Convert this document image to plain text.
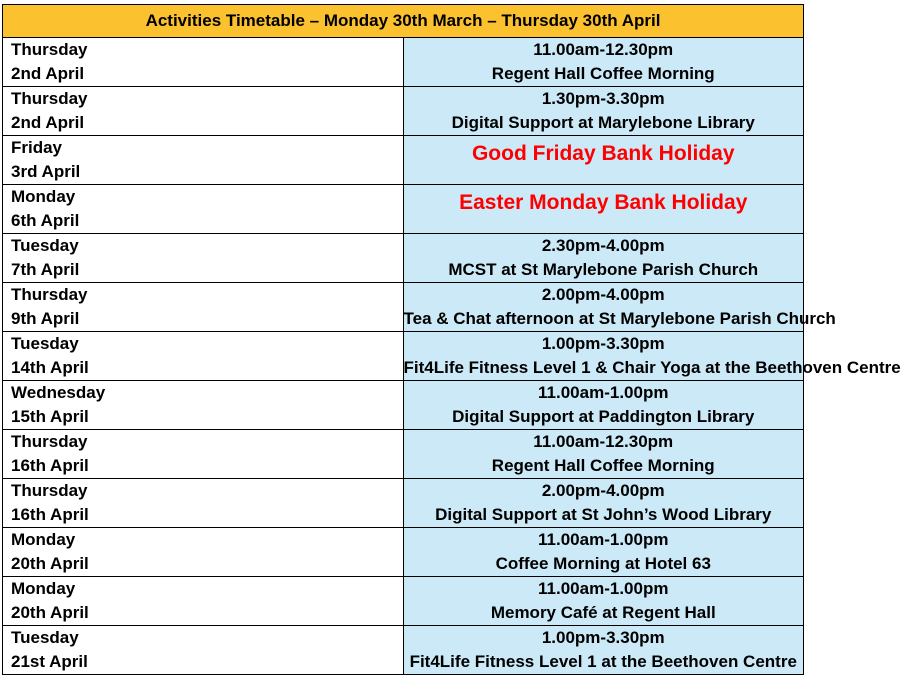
Activities Timetable – Monday 30th March – Thursday 30th April	

Thursday
2nd April	11.00am-12.30pm
Regent Hall Coffee Morning

Thursday
2nd April	1.30pm-3.30pm
Digital Support at Marylebone Library

Friday
3rd April	Good Friday Bank Holiday

Monday
6th April	Easter Monday Bank Holiday

Tuesday
7th April	2.30pm-4.00pm
MCST at St Marylebone Parish Church

Thursday
9th April	2.00pm-4.00pm
Tea & Chat afternoon at St Marylebone Parish Church

Tuesday
14th April	1.00pm-3.30pm
Fit4Life Fitness Level 1 & Chair Yoga at the Beethoven Centre

Wednesday
15th April	11.00am-1.00pm
Digital Support at Paddington Library

Thursday
16th April	11.00am-12.30pm
Regent Hall Coffee Morning

Thursday
16th April	2.00pm-4.00pm
Digital Support at St John’s Wood Library

Monday
20th April	11.00am-1.00pm
Coffee Morning at Hotel 63

Monday
20th April	11.00am-1.00pm
Memory Café at Regent Hall

Tuesday
21st April	1.00pm-3.30pm
Fit4Life Fitness Level 1 at the Beethoven Centre
